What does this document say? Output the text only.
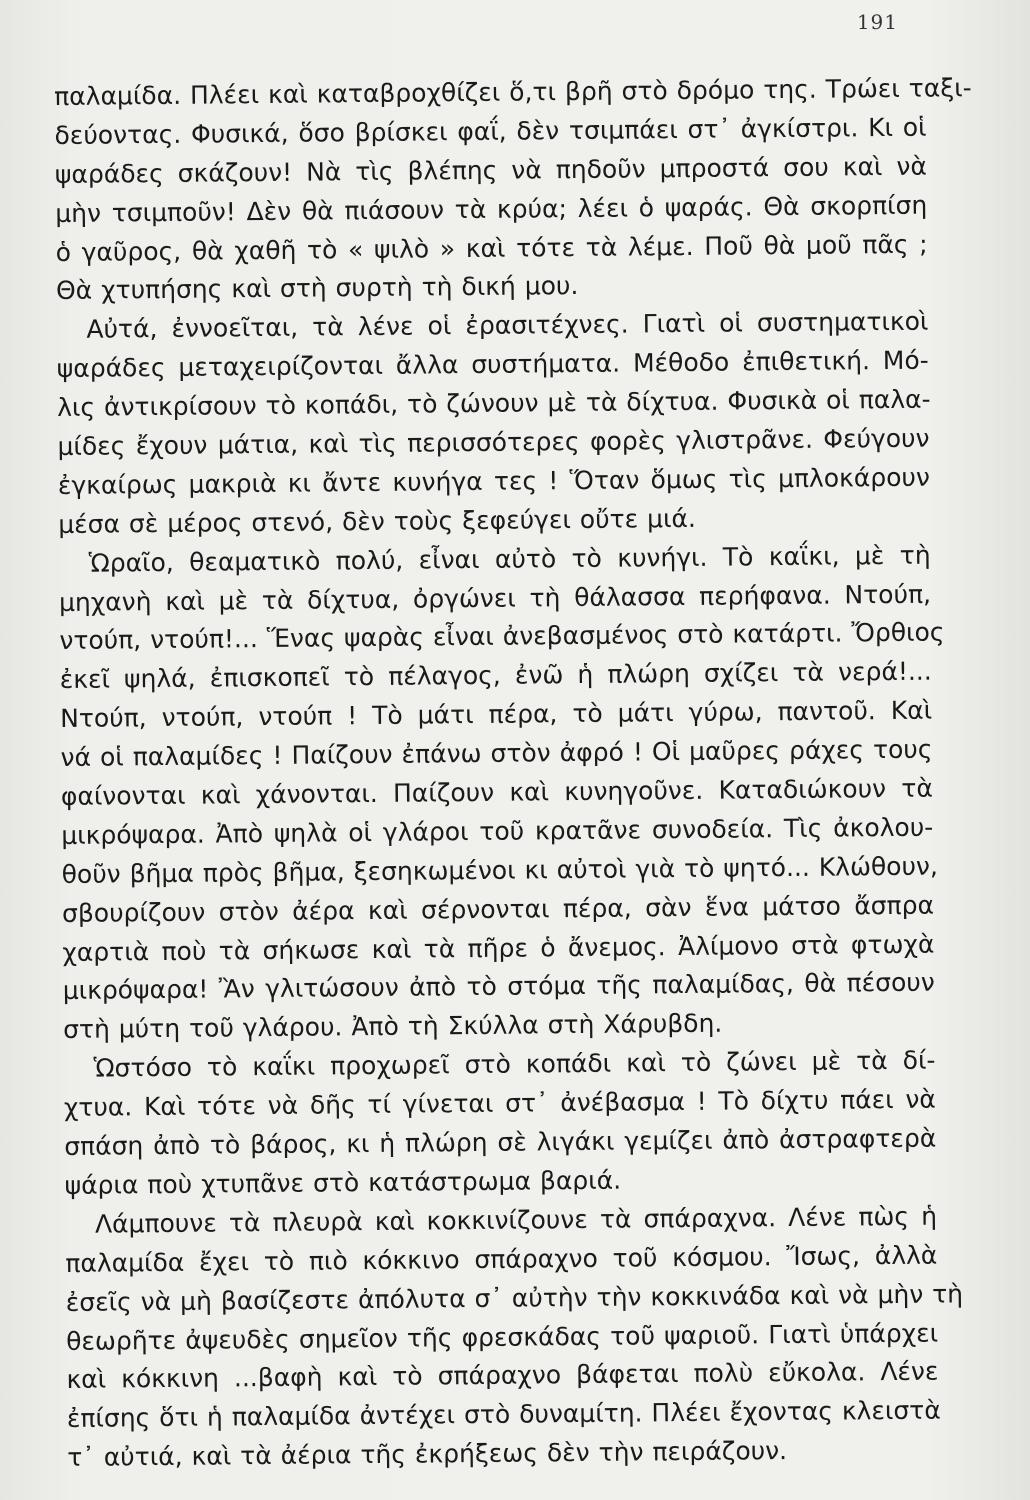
191
παλαμίδα. Πλέει καὶ καταβροχθίζει ὅ,τι βρῆ στὸ δρόμο της. Τρώει ταξι-
δεύοντας. Φυσικά, ὅσο βρίσκει φαΐ, δὲν τσιμπάει στ᾽ ἀγκίστρι. Κι οἱ
ψαράδες σκάζουν! Νὰ τὶς βλέπης νὰ πηδοῦν μπροστά σου καὶ νὰ
μὴν τσιμποῦν! Δὲν θὰ πιάσουν τὰ κρύα; λέει ὁ ψαράς. Θὰ σκορπίση
ὁ γαῦρος, θὰ χαθῆ τὸ « ψιλὸ » καὶ τότε τὰ λέμε. Ποῦ θὰ μοῦ πᾶς ;
Θὰ χτυπήσης καὶ στὴ συρτὴ τὴ δική μου.
Αὐτά, ἐννοεῖται, τὰ λένε οἱ ἐρασιτέχνες. Γιατὶ οἱ συστηματικοὶ
ψαράδες μεταχειρίζονται ἄλλα συστήματα. Μέθοδο ἐπιθετική. Μό-
λις ἀντικρίσουν τὸ κοπάδι, τὸ ζώνουν μὲ τὰ δίχτυα. Φυσικὰ οἱ παλα-
μίδες ἔχουν μάτια, καὶ τὶς περισσότερες φορὲς γλιστρᾶνε. Φεύγουν
ἐγκαίρως μακριὰ κι ἄντε κυνήγα τες ! Ὅταν ὅμως τὶς μπλοκάρουν
μέσα σὲ μέρος στενό, δὲν τοὺς ξεφεύγει οὔτε μιά.
Ὡραῖο, θεαματικὸ πολύ, εἶναι αὐτὸ τὸ κυνήγι. Τὸ καΐκι, μὲ τὴ
μηχανὴ καὶ μὲ τὰ δίχτυα, ὀργώνει τὴ θάλασσα περήφανα. Ντούπ,
ντούπ, ντούπ!... Ἕνας ψαρὰς εἶναι ἀνεβασμένος στὸ κατάρτι. Ὄρθιος
ἐκεῖ ψηλά, ἐπισκοπεῖ τὸ πέλαγος, ἐνῶ ἡ πλώρη σχίζει τὰ νερά!...
Ντούπ, ντούπ, ντούπ ! Τὸ μάτι πέρα, τὸ μάτι γύρω, παντοῦ. Καὶ
νά οἱ παλαμίδες ! Παίζουν ἐπάνω στὸν ἀφρό ! Οἱ μαῦρες ράχες τους
φαίνονται καὶ χάνονται. Παίζουν καὶ κυνηγοῦνε. Καταδιώκουν τὰ
μικρόψαρα. Ἀπὸ ψηλὰ οἱ γλάροι τοῦ κρατᾶνε συνοδεία. Τὶς ἀκολου-
θοῦν βῆμα πρὸς βῆμα, ξεσηκωμένοι κι αὐτοὶ γιὰ τὸ ψητό... Κλώθουν,
σβουρίζουν στὸν ἀέρα καὶ σέρνονται πέρα, σὰν ἕνα μάτσο ἄσπρα
χαρτιὰ ποὺ τὰ σήκωσε καὶ τὰ πῆρε ὁ ἄνεμος. Ἀλίμονο στὰ φτωχὰ
μικρόψαρα! Ἂν γλιτώσουν ἀπὸ τὸ στόμα τῆς παλαμίδας, θὰ πέσουν
στὴ μύτη τοῦ γλάρου. Ἀπὸ τὴ Σκύλλα στὴ Χάρυβδη.
Ὡστόσο τὸ καΐκι προχωρεῖ στὸ κοπάδι καὶ τὸ ζώνει μὲ τὰ δί-
χτυα. Καὶ τότε νὰ δῆς τί γίνεται στ᾽ ἀνέβασμα ! Τὸ δίχτυ πάει νὰ
σπάση ἀπὸ τὸ βάρος, κι ἡ πλώρη σὲ λιγάκι γεμίζει ἀπὸ ἀστραφτερὰ
ψάρια ποὺ χτυπᾶνε στὸ κατάστρωμα βαριά.
Λάμπουνε τὰ πλευρὰ καὶ κοκκινίζουνε τὰ σπάραχνα. Λένε πὼς ἡ
παλαμίδα ἔχει τὸ πιὸ κόκκινο σπάραχνο τοῦ κόσμου. Ἴσως, ἀλλὰ
ἐσεῖς νὰ μὴ βασίζεστε ἀπόλυτα σ᾽ αὐτὴν τὴν κοκκινάδα καὶ νὰ μὴν τὴ
θεωρῆτε ἀψευδὲς σημεῖον τῆς φρεσκάδας τοῦ ψαριοῦ. Γιατὶ ὑπάρχει
καὶ κόκκινη ...βαφὴ καὶ τὸ σπάραχνο βάφεται πολὺ εὔκολα. Λένε
ἐπίσης ὅτι ἡ παλαμίδα ἀντέχει στὸ δυναμίτη. Πλέει ἔχοντας κλειστὰ
τ᾽ αὐτιά, καὶ τὰ ἀέρια τῆς ἐκρήξεως δὲν τὴν πειράζουν.
